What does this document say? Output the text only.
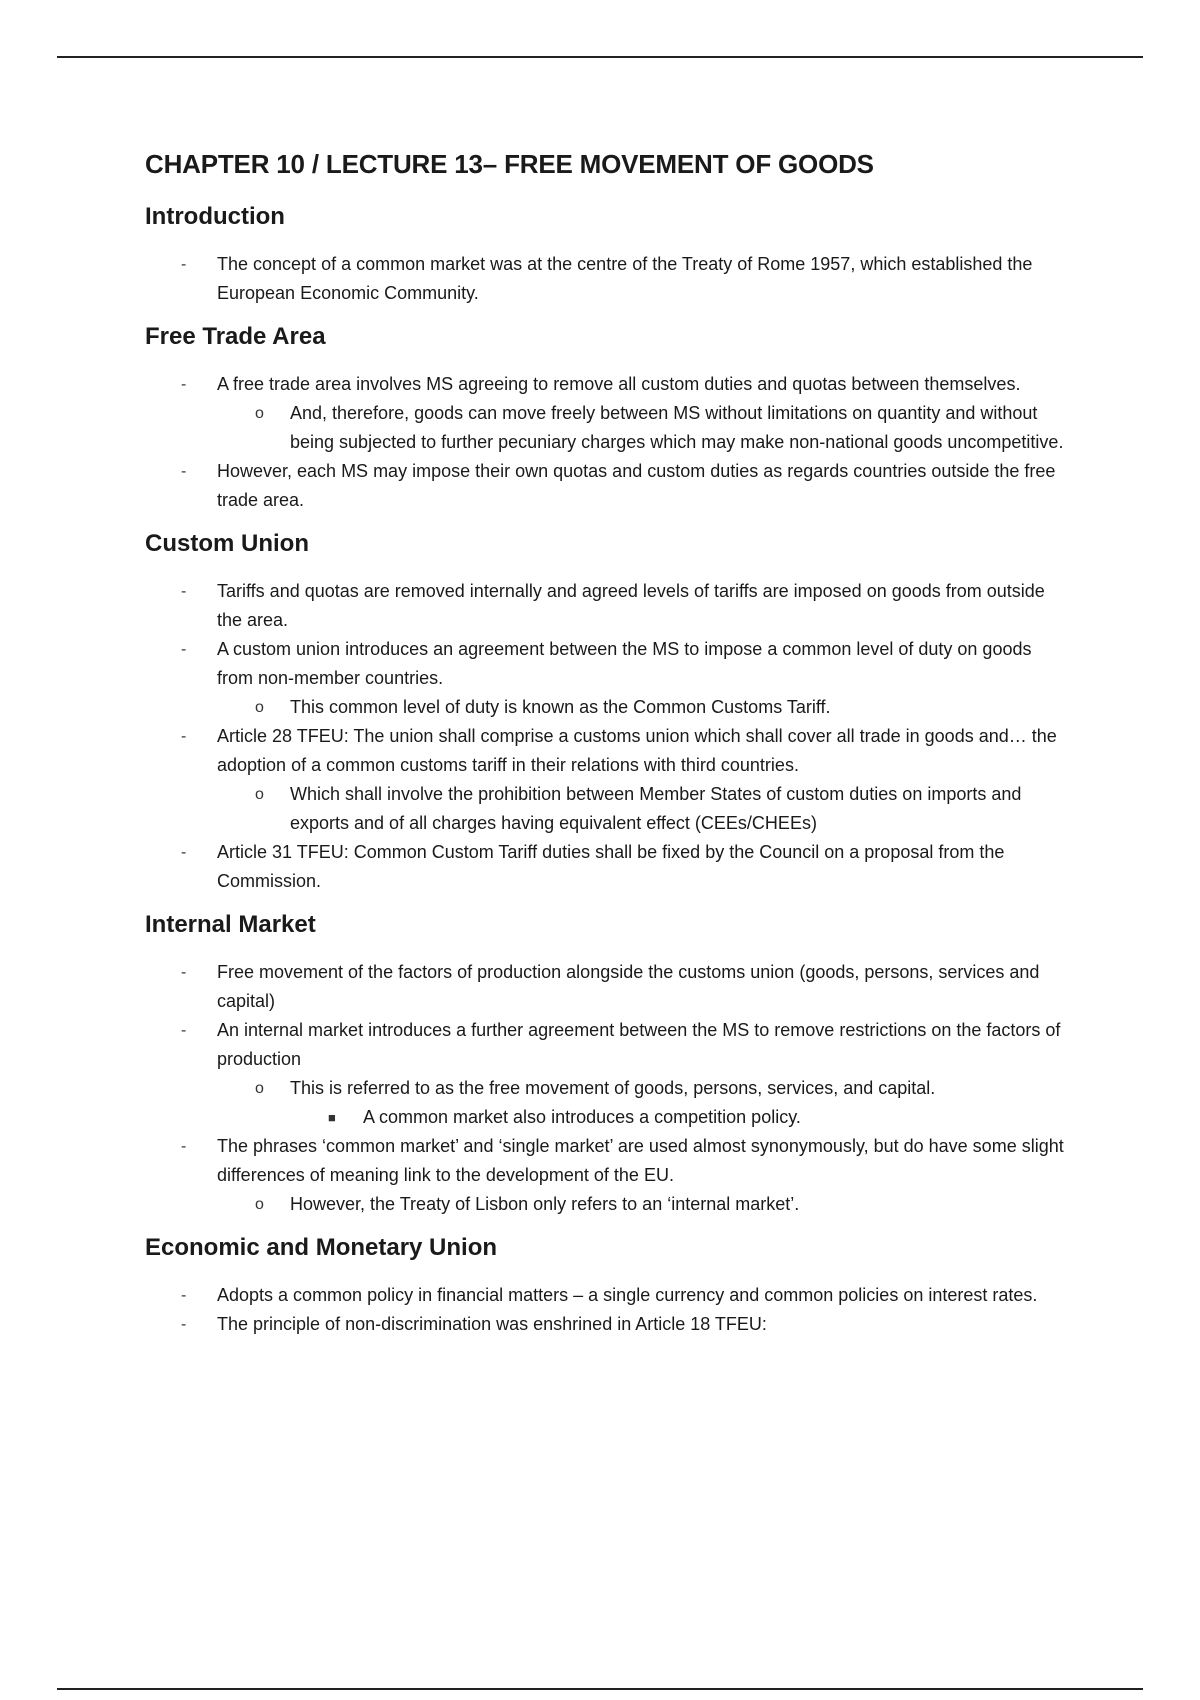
CHAPTER 10 / LECTURE 13– FREE MOVEMENT OF GOODS
Introduction
- The concept of a common market was at the centre of the Treaty of Rome 1957, which established the European Economic Community.
Free Trade Area
- A free trade area involves MS agreeing to remove all custom duties and quotas between themselves.
o And, therefore, goods can move freely between MS without limitations on quantity and without being subjected to further pecuniary charges which may make non-national goods uncompetitive.
- However, each MS may impose their own quotas and custom duties as regards countries outside the free trade area.
Custom Union
- Tariffs and quotas are removed internally and agreed levels of tariffs are imposed on goods from outside the area.
- A custom union introduces an agreement between the MS to impose a common level of duty on goods from non-member countries.
o This common level of duty is known as the Common Customs Tariff.
- Article 28 TFEU: The union shall comprise a customs union which shall cover all trade in goods and… the adoption of a common customs tariff in their relations with third countries.
o Which shall involve the prohibition between Member States of custom duties on imports and exports and of all charges having equivalent effect (CEEs/CHEEs)
- Article 31 TFEU: Common Custom Tariff duties shall be fixed by the Council on a proposal from the Commission.
Internal Market
- Free movement of the factors of production alongside the customs union (goods, persons, services and capital)
- An internal market introduces a further agreement between the MS to remove restrictions on the factors of production
o This is referred to as the free movement of goods, persons, services, and capital.
■ A common market also introduces a competition policy.
- The phrases ‘common market’ and ‘single market’ are used almost synonymously, but do have some slight differences of meaning link to the development of the EU.
o However, the Treaty of Lisbon only refers to an ‘internal market’.
Economic and Monetary Union
- Adopts a common policy in financial matters – a single currency and common policies on interest rates.
- The principle of non-discrimination was enshrined in Article 18 TFEU:
